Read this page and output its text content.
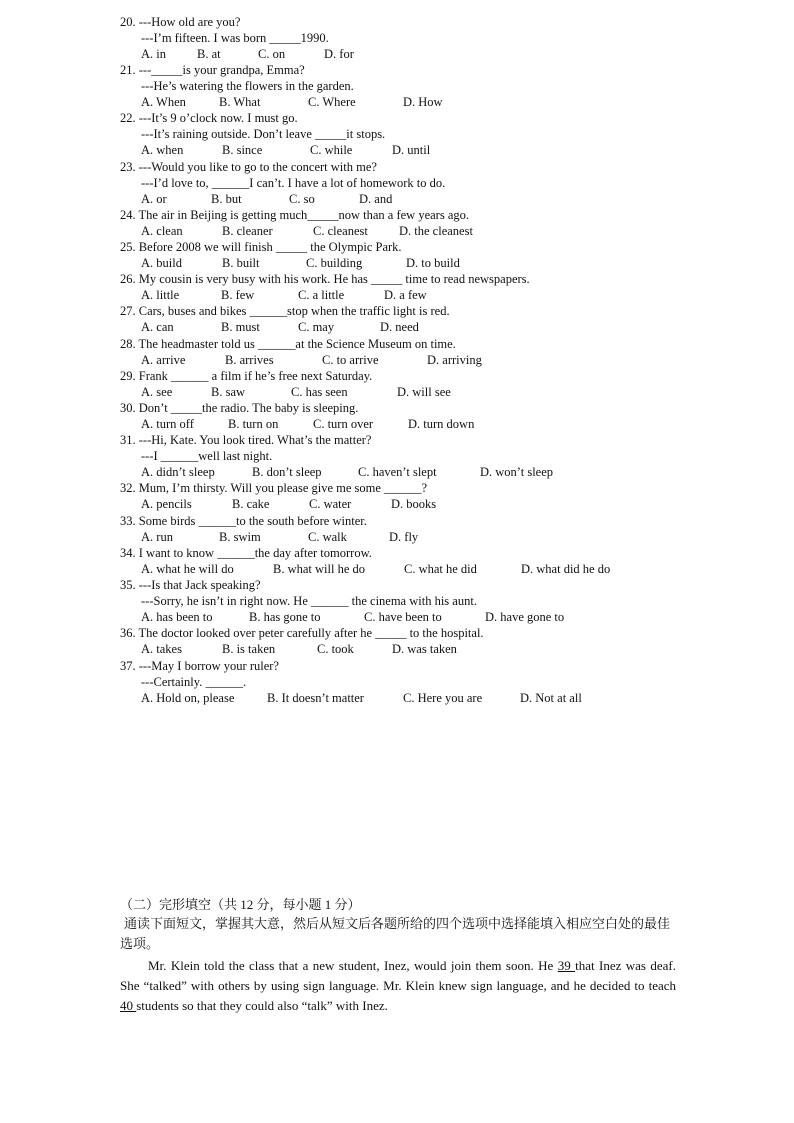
20. ---How old are you?
---I’m fifteen. I was born _____1990.
A. in B. at	C. on	D. for
21. ---_____is your grandpa, Emma?
---He’s watering the flowers in the garden.
A. When	B. What	C. Where	D. How
22. ---It’s 9 o’clock now. I must go.
---It’s raining outside. Don’t leave _____it stops.
A. when	B. since	C. while	D. until
23. ---Would you like to go to the concert with me?
---I’d love to, ______I can’t. I have a lot of homework to do.
A. or	B. but	C. so	D. and
24. The air in Beijing is getting much_____now than a few years ago.
A. clean	B. cleaner	C. cleanest D. the cleanest
25. Before 2008 we will finish _____ the Olympic Park.
A. build	B. built	C. building	D. to build
26. My cousin is very busy with his work. He has _____ time to read newspapers.
A. little	B. few	C. a little	D. a few
27. Cars, buses and bikes ______stop when the traffic light is red.
A. can	B. must	C. may	D. need
28. The headmaster told us ______at the Science Museum on time.
A. arrive	B. arrives	C. to arrive	D. arriving
29. Frank ______ a film if he’s free next Saturday.
A. see	B. saw	C. has seen	D. will see
30. Don’t _____the radio. The baby is sleeping.
A. turn off	B. turn on	C. turn over	D. turn down
31. ---Hi, Kate. You look tired. What’s the matter?
---I ______well last night.
A. didn’t sleep	B. don’t sleep	C. haven’t slept	D. won’t sleep
32. Mum, I’m thirsty. Will you please give me some ______?
A. pencils	B. cake	C. water	D. books
33. Some birds ______to the south before winter.
A. run	B. swim	C. walk	D. fly
34. I want to know ______the day after tomorrow.
A. what he will do	B. what will he do	C. what he did	D. what did he do
35. ---Is that Jack speaking?
---Sorry, he isn’t in right now. He ______ the cinema with his aunt.
A. has been to	B. has gone to	C. have been to	D. have gone to
36. The doctor looked over peter carefully after he _____ to the hospital.
A. takes	B. is taken	C. took	D. was taken
37. ---May I borrow your ruler?
---Certainly. ______.
A. Hold on, please	B. It doesn’t matter	C. Here you are	D. Not at all
（二）完形填空（共 12 分，每小题 1 分）
通读下面短文，掌握其大意，然后从短文后各题所给的四个选项中选择能填入相应空白处的最佳选项。
Mr. Klein told the class that a new student, Inez, would join them soon. He 39 that Inez was deaf. She “talked” with others by using sign language. Mr. Klein knew sign language, and he decided to teach 40 students so that they could also “talk” with Inez.
